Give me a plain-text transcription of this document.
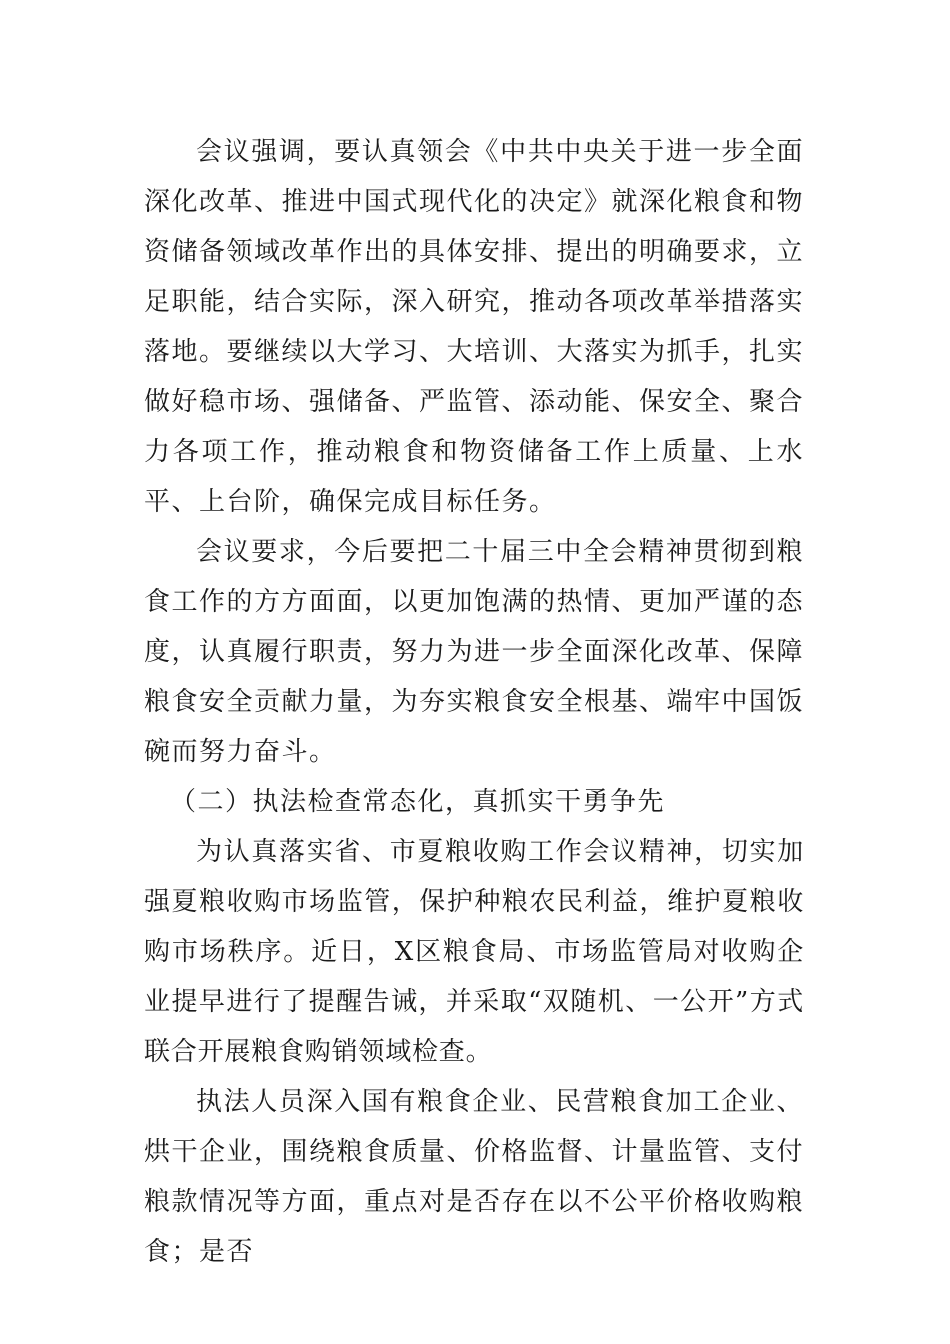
会议强调，要认真领会《中共中央关于进一步全面深化改革、推进中国式现代化的决定》就深化粮食和物资储备领域改革作出的具体安排、提出的明确要求，立足职能，结合实际，深入研究，推动各项改革举措落实落地。要继续以大学习、大培训、大落实为抓手，扎实做好稳市场、强储备、严监管、添动能、保安全、聚合力各项工作，推动粮食和物资储备工作上质量、上水平、上台阶，确保完成目标任务。

会议要求，今后要把二十届三中全会精神贯彻到粮食工作的方方面面，以更加饱满的热情、更加严谨的态度，认真履行职责，努力为进一步全面深化改革、保障粮食安全贡献力量，为夯实粮食安全根基、端牢中国饭碗而努力奋斗。

（二）执法检查常态化，真抓实干勇争先

为认真落实省、市夏粮收购工作会议精神，切实加强夏粮收购市场监管，保护种粮农民利益，维护夏粮收购市场秩序。近日，X区粮食局、市场监管局对收购企业提早进行了提醒告诫，并采取“双随机、一公开”方式联合开展粮食购销领域检查。

执法人员深入国有粮食企业、民营粮食加工企业、烘干企业，围绕粮食质量、价格监督、计量监管、支付粮款情况等方面，重点对是否存在以不公平价格收购粮食；是否
